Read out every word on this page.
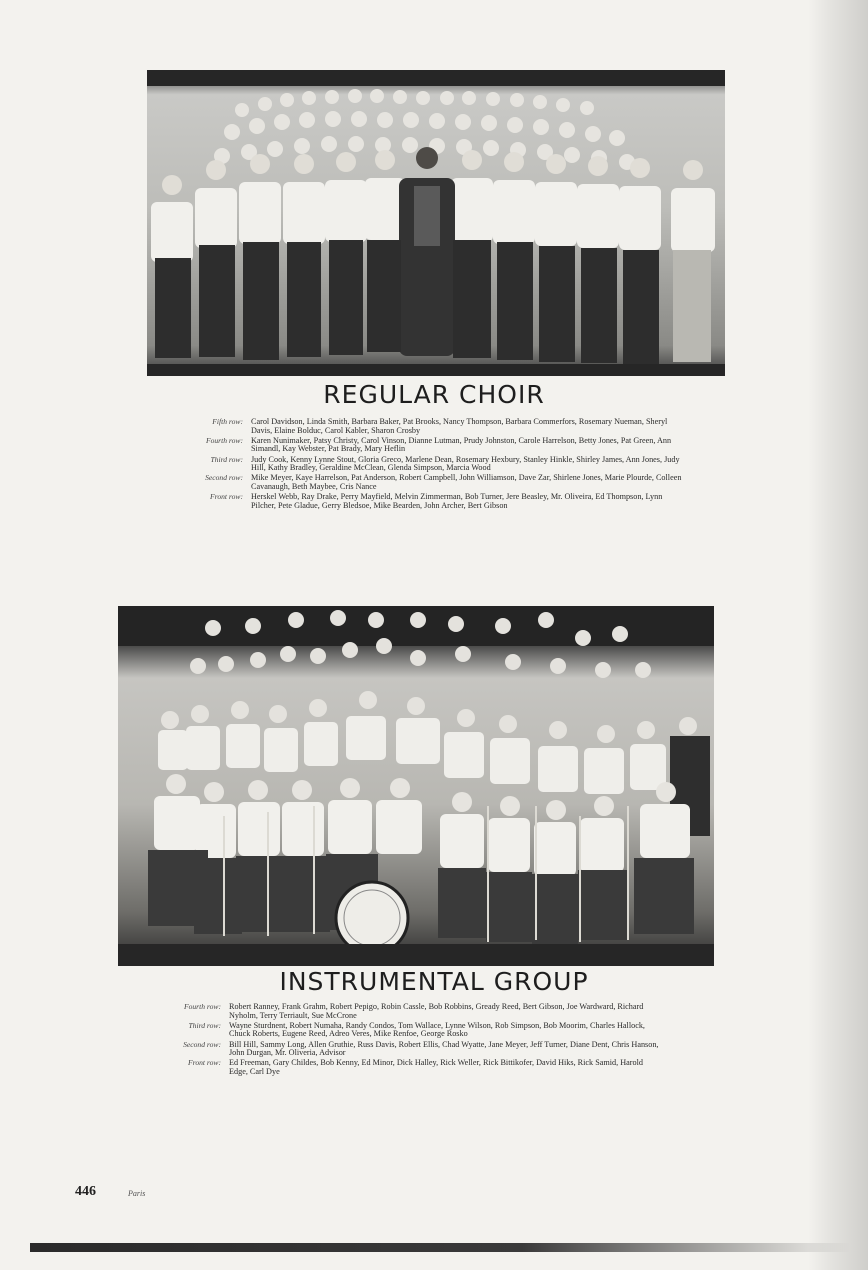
REGULAR CHOIR
Fifth row: Carol Davidson, Linda Smith, Barbara Baker, Pat Brooks, Nancy Thompson, Barbara Commerfors, Rosemary Nueman, Sheryl Davis, Elaine Bolduc, Carol Kabler, Sharon Crosby
Fourth row: Karen Nunimaker, Patsy Christy, Carol Vinson, Dianne Lutman, Prudy Johnston, Carole Harrelson, Betty Jones, Pat Green, Ann Simandl, Kay Webster, Pat Brady, Mary Heflin
Third row: Judy Cook, Kenny Lynne Stout, Gloria Greco, Marlene Dean, Rosemary Hexbury, Stanley Hinkle, Shirley James, Ann Jones, Judy Hill, Kathy Bradley, Geraldine McClean, Glenda Simpson, Marcia Wood
Second row: Mike Meyer, Kaye Harrelson, Pat Anderson, Robert Campbell, John Williamson, Dave Zar, Shirlene Jones, Marie Plourde, Colleen Cavanaugh, Beth Maybee, Cris Nance
Front row: Herskel Webb, Ray Drake, Perry Mayfield, Melvin Zimmerman, Bob Turner, Jere Beasley, Mr. Oliveira, Ed Thompson, Lynn Pilcher, Pete Gladue, Gerry Bledsoe, Mike Bearden, John Archer, Bert Gibson
INSTRUMENTAL GROUP
Fourth row: Robert Ranney, Frank Grahm, Robert Pepigo, Robin Cassle, Bob Robbins, Gready Reed, Bert Gibson, Joe Wardward, Richard Nyholm, Terry Terriault, Sue McCrone
Third row: Wayne Sturdnent, Robert Numaha, Randy Condos, Tom Wallace, Lynne Wilson, Rob Simpson, Bob Moorim, Charles Hallock, Chuck Roberts, Eugene Reed, Adreo Veres, Mike Renfoe, George Rosko
Second row: Bill Hill, Sammy Long, Allen Gruthie, Russ Davis, Robert Ellis, Chad Wyatte, Jane Meyer, Jeff Turner, Diane Dent, Chris Hanson, John Durgan, Mr. Oliveria, Advisor
Front row: Ed Freeman, Gary Childes, Bob Kenny, Ed Minor, Dick Halley, Rick Weller, Rick Bittikofer, David Hiks, Rick Samid, Harold Edge, Carl Dye
446	Paris
